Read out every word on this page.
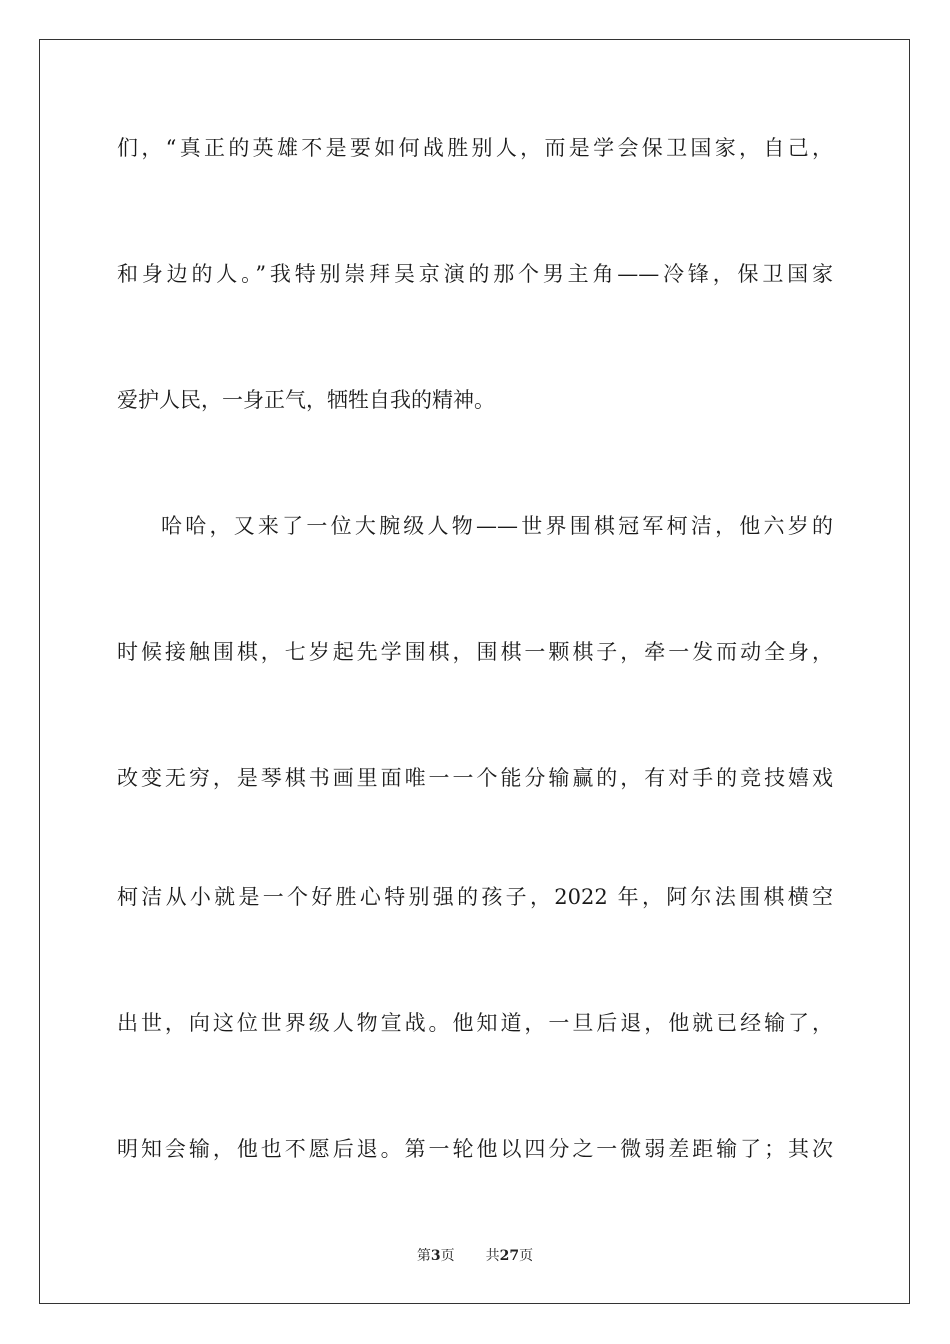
们，“真正的英雄不是要如何战胜别人，而是学会保卫国家，自己，
和身边的人。”我特别崇拜吴京演的那个男主角——冷锋，保卫国家
爱护人民，一身正气，牺牲自我的精神。
哈哈，又来了一位大腕级人物——世界围棋冠军柯洁，他六岁的
时候接触围棋，七岁起先学围棋，围棋一颗棋子，牵一发而动全身，
改变无穷，是琴棋书画里面唯一一个能分输赢的，有对手的竞技嬉戏
柯洁从小就是一个好胜心特别强的孩子，2022 年，阿尔法围棋横空
出世，向这位世界级人物宣战。他知道，一旦后退，他就已经输了，
明知会输，他也不愿后退。第一轮他以四分之一微弱差距输了；其次
第3页 共27页
